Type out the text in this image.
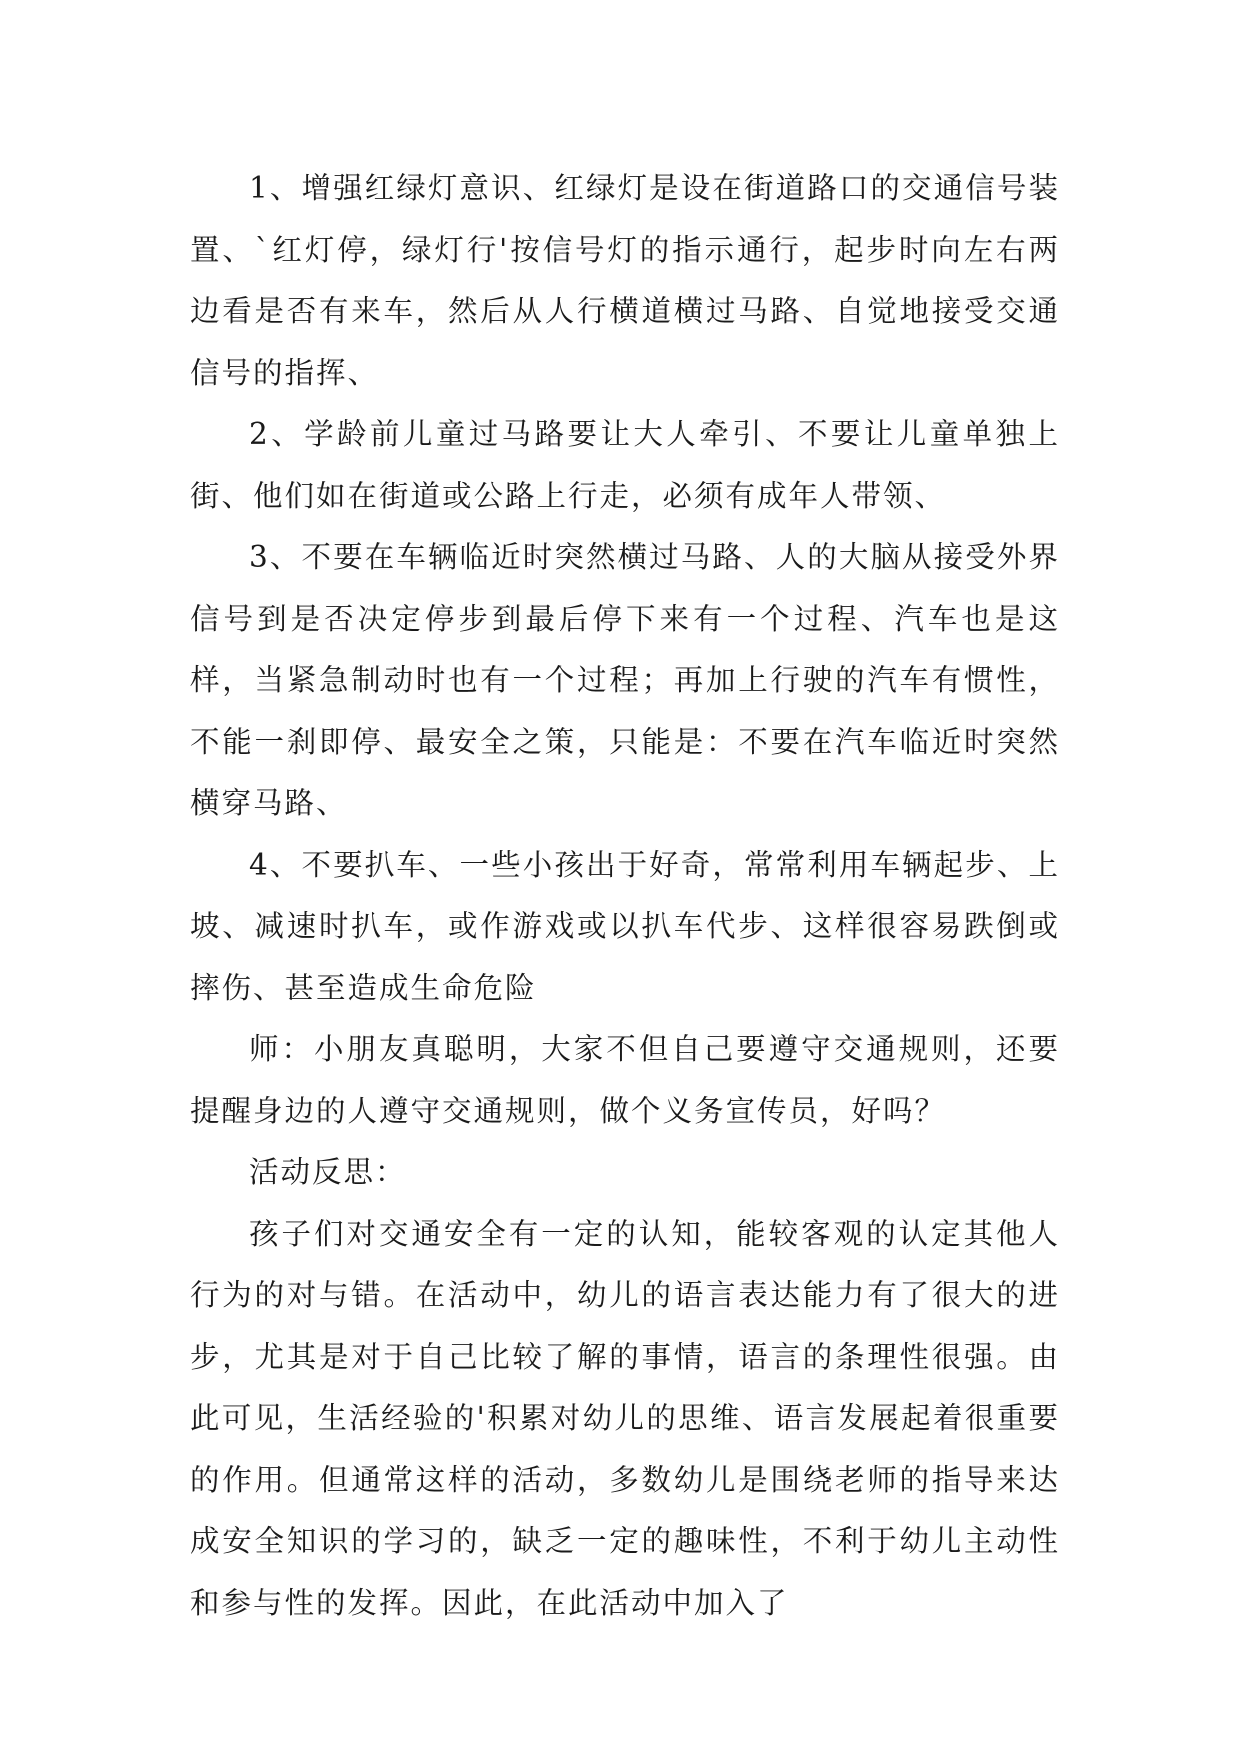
1、增强红绿灯意识、红绿灯是设在街道路口的交通信号装置、`红灯停，绿灯行'按信号灯的指示通行，起步时向左右两边看是否有来车，然后从人行横道横过马路、自觉地接受交通信号的指挥、

2、学龄前儿童过马路要让大人牵引、不要让儿童单独上街、他们如在街道或公路上行走，必须有成年人带领、

3、不要在车辆临近时突然横过马路、人的大脑从接受外界信号到是否决定停步到最后停下来有一个过程、汽车也是这样，当紧急制动时也有一个过程；再加上行驶的汽车有惯性，不能一刹即停、最安全之策，只能是：不要在汽车临近时突然横穿马路、

4、不要扒车、一些小孩出于好奇，常常利用车辆起步、上坡、减速时扒车，或作游戏或以扒车代步、这样很容易跌倒或摔伤、甚至造成生命危险

师：小朋友真聪明，大家不但自己要遵守交通规则，还要提醒身边的人遵守交通规则，做个义务宣传员，好吗？

活动反思：

孩子们对交通安全有一定的认知，能较客观的认定其他人行为的对与错。在活动中，幼儿的语言表达能力有了很大的进步，尤其是对于自己比较了解的事情，语言的条理性很强。由此可见，生活经验的'积累对幼儿的思维、语言发展起着很重要的作用。但通常这样的活动，多数幼儿是围绕老师的指导来达成安全知识的学习的，缺乏一定的趣味性，不利于幼儿主动性和参与性的发挥。因此，在此活动中加入了
